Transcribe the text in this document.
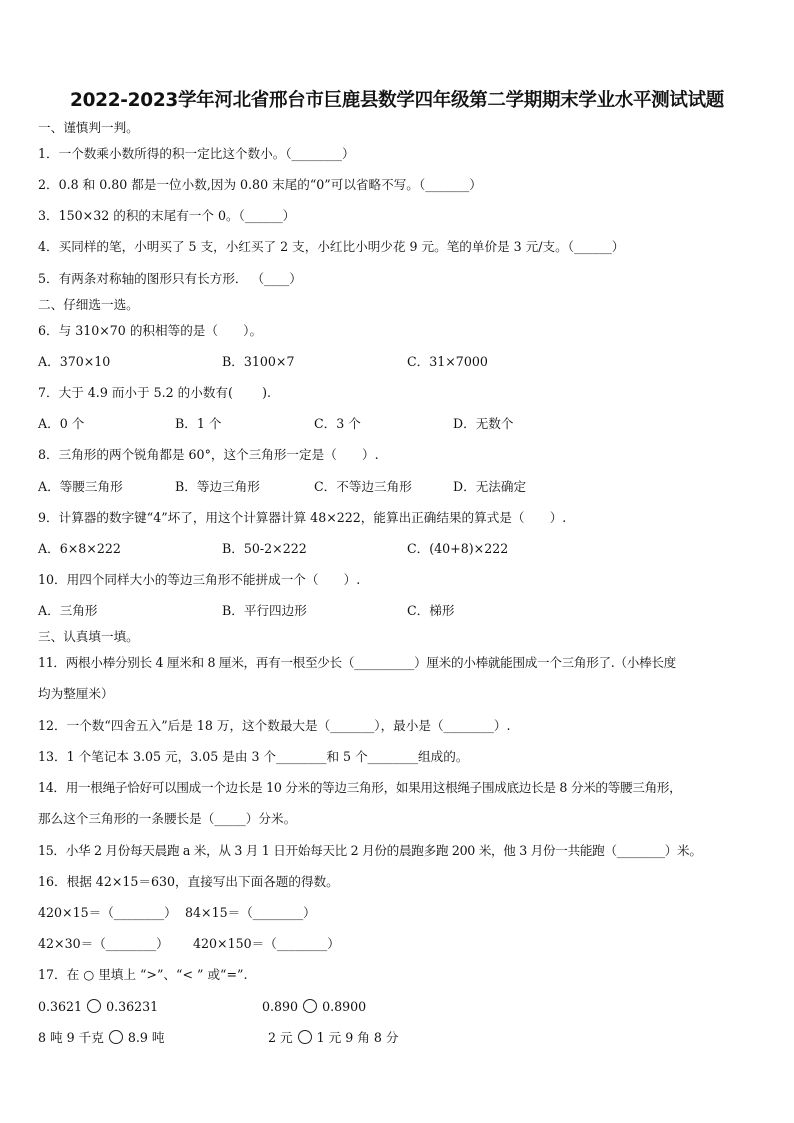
2022-2023学年河北省邢台市巨鹿县数学四年级第二学期期末学业水平测试试题
一、谨慎判一判。
1．一个数乘小数所得的积一定比这个数小。（________）
2．0.8 和 0.80 都是一位小数,因为 0.80 末尾的“0”可以省略不写。（_______）
3．150×32 的积的末尾有一个 0。（______）
4．买同样的笔，小明买了 5 支，小红买了 2 支，小红比小明少花 9 元。笔的单价是 3 元/支。（______）
5．有两条对称轴的图形只有长方形． （____）
二、仔细选一选。
6．与 310×70 的积相等的是（　　）。
A．370×10	B．3100×7	C．31×7000
7．大于 4.9 而小于 5.2 的小数有(　　 ).
A．0 个	B．1 个	C．3 个	D．无数个
8．三角形的两个锐角都是 60°，这个三角形一定是（　　）.
A．等腰三角形	B．等边三角形	C．不等边三角形	D．无法确定
9．计算器的数字键“4”坏了，用这个计算器计算 48×222，能算出正确结果的算式是（　　）.
A．6×8×222	B．50-2×222	C．(40+8)×222
10．用四个同样大小的等边三角形不能拼成一个（　　）.
A．三角形	B．平行四边形	C．梯形
三、认真填一填。
11．两根小棒分别长 4 厘米和 8 厘米，再有一根至少长（__________）厘米的小棒就能围成一个三角形了.（小棒长度
均为整厘米）
12．一个数“四舍五入”后是 18 万，这个数最大是（_______），最小是（________）.
13．1 个笔记本 3.05 元，3.05 是由 3 个________和 5 个________组成的。
14．用一根绳子恰好可以围成一个边长是 10 分米的等边三角形，如果用这根绳子围成底边长是 8 分米的等腰三角形，
那么这个三角形的一条腰长是（_____）分米。
15．小华 2 月份每天晨跑 a 米，从 3 月 1 日开始每天比 2 月份的晨跑多跑 200 米，他 3 月份一共能跑（________）米。
16．根据 42×15＝630，直接写出下面各题的得数。
420×15＝（________） 84×15＝（________）
42×30＝（________） 420×150＝（________）
17．在 ○ 里填上 “>”、“< ” 或“=”.
0.3621 0.36231	0.890 0.8900
8 吨 9 千克 8.9 吨	2 元 1 元 9 角 8 分
